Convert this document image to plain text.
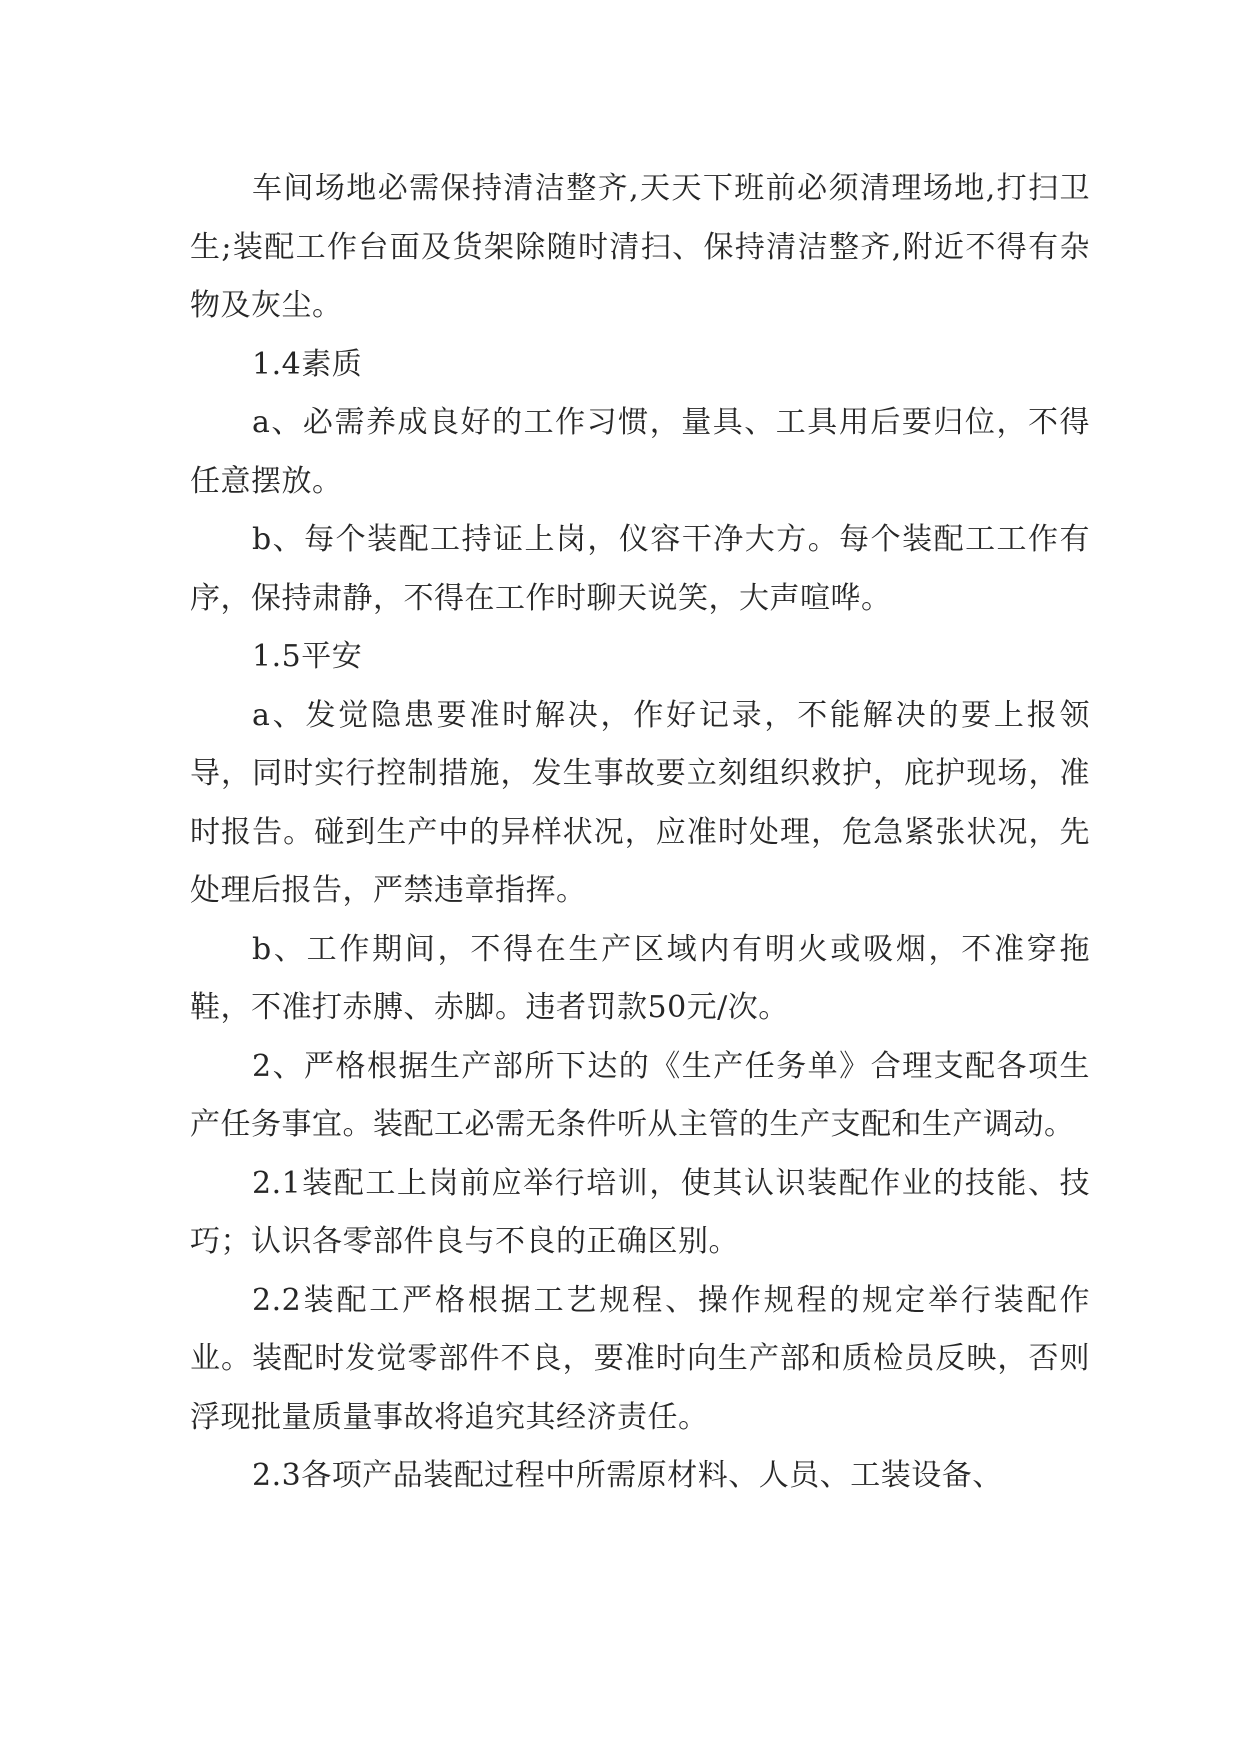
车间场地必需保持清洁整齐,天天下班前必须清理场地,打扫卫生;装配工作台面及货架除随时清扫、保持清洁整齐,附近不得有杂物及灰尘。

1.4素质

a、必需养成良好的工作习惯，量具、工具用后要归位，不得任意摆放。

b、每个装配工持证上岗，仪容干净大方。每个装配工工作有序，保持肃静，不得在工作时聊天说笑，大声喧哗。

1.5平安

a、发觉隐患要准时解决，作好记录，不能解决的要上报领导，同时实行控制措施，发生事故要立刻组织救护，庇护现场，准时报告。碰到生产中的异样状况，应准时处理，危急紧张状况，先处理后报告，严禁违章指挥。

b、工作期间，不得在生产区域内有明火或吸烟，不准穿拖鞋，不准打赤膊、赤脚。违者罚款50元/次。

2、严格根据生产部所下达的《生产任务单》合理支配各项生产任务事宜。装配工必需无条件听从主管的生产支配和生产调动。

2.1装配工上岗前应举行培训，使其认识装配作业的技能、技巧；认识各零部件良与不良的正确区别。

2.2装配工严格根据工艺规程、操作规程的规定举行装配作业。装配时发觉零部件不良，要准时向生产部和质检员反映，否则浮现批量质量事故将追究其经济责任。

2.3各项产品装配过程中所需原材料、人员、工装设备、
